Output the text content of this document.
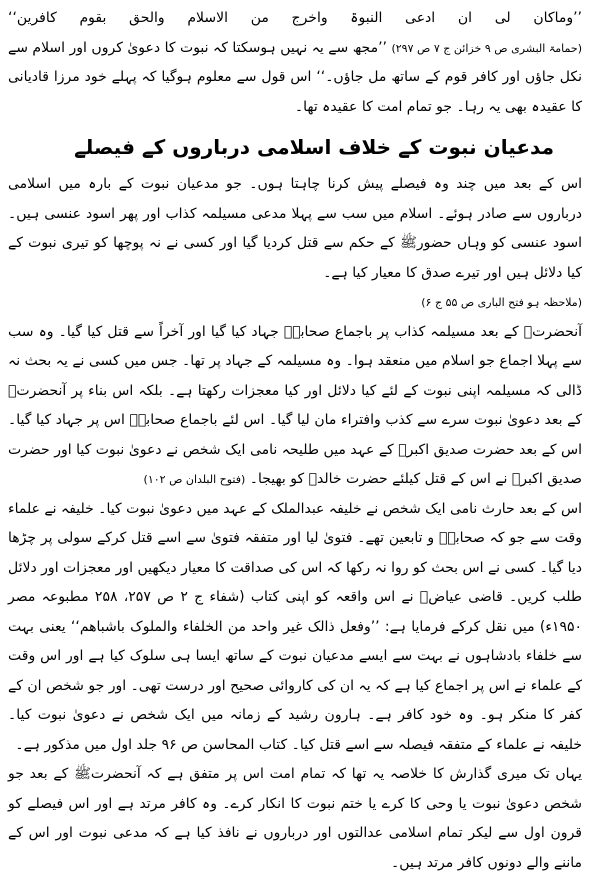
’’وماکان لی ان ادعی النبوۃ واخرج من الاسلام والحق بقوم کافرین‘‘ (حمامۃ البشری ص ۹ خزائن ج ۷ ص ۲۹۷) ’’مجھ سے یہ نہیں ہوسکتا کہ نبوت کا دعویٰ کروں اور اسلام سے نکل جاؤں اور کافر قوم کے ساتھ مل جاؤں۔‘‘ اس قول سے معلوم ہوگیا کہ پہلے خود مرزا قادیانی کا عقیدہ بھی یہ رہا۔ جو تمام امت کا عقیدہ تھا۔

مدعیان نبوت کے خلاف اسلامی درباروں کے فیصلے

اس کے بعد میں چند وہ فیصلے پیش کرنا چاہتا ہوں۔ جو مدعیان نبوت کے بارہ میں اسلامی درباروں سے صادر ہوئے۔ اسلام میں سب سے پہلا مدعی مسیلمہ کذاب اور پھر اسود عنسی ہیں۔ اسود عنسی کو وہاں حضورﷺ کے حکم سے قتل کردیا گیا اور کسی نے نہ پوچھا کو تیری نبوت کے کیا دلائل ہیں اور تیرے صدق کا معیار کیا ہے۔
(ملاحظہ ہو فتح الباری ص ۵۵ ج ۶)

آنحضرتﷺ کے بعد مسیلمہ کذاب پر باجماع صحابہؓ جہاد کیا گیا اور آخراً سے قتل کیا گیا۔ وہ سب سے پہلا اجماع جو اسلام میں منعقد ہوا۔ وہ مسیلمہ کے جہاد پر تھا۔ جس میں کسی نے یہ بحث نہ ڈالی کہ مسیلمہ اپنی نبوت کے لئے کیا دلائل اور کیا معجزات رکھتا ہے۔ بلکہ اس بناء پر آنحضرتﷺ کے بعد دعویٰ نبوت سرے سے کذب وافتراء مان لیا گیا۔ اس لئے باجماع صحابہؓ اس پر جہاد کیا گیا۔ اس کے بعد حضرت صدیق اکبرؓ کے عہد میں طلیحہ نامی ایک شخص نے دعویٰ نبوت کیا اور حضرت صدیق اکبرؓ نے اس کے قتل کیلئے حضرت خالدؓ کو بھیجا۔ (فتوح البلدان ص ۱۰۲)

اس کے بعد حارث نامی ایک شخص نے خلیفہ عبدالملک کے عہد میں دعویٰ نبوت کیا۔ خلیفہ نے علماء وقت سے جو کہ صحابہؓ و تابعین تھے۔ فتویٰ لیا اور متفقہ فتویٰ سے اسے قتل کرکے سولی پر چڑھا دیا گیا۔ کسی نے اس بحث کو روا نہ رکھا کہ اس کی صداقت کا معیار دیکھیں اور معجزات اور دلائل طلب کریں۔ قاضی عیاضؒ نے اس واقعہ کو اپنی کتاب (شفاء ج ۲ ص ۲۵۷، ۲۵۸ مطبوعہ مصر ۱۹۵۰ء) میں نقل کرکے فرمایا ہے: ’’وفعل ذالک غیر واحد من الخلفاء والملوک باشباھم‘‘ یعنی بہت سے خلفاء بادشاہوں نے بہت سے ایسے مدعیان نبوت کے ساتھ ایسا ہی سلوک کیا ہے اور اس وقت کے علماء نے اس پر اجماع کیا ہے کہ یہ ان کی کاروائی صحیح اور درست تھی۔ اور جو شخص ان کے کفر کا منکر ہو۔ وہ خود کافر ہے۔ ہارون رشید کے زمانہ میں ایک شخص نے دعویٰ نبوت کیا۔ خلیفہ نے علماء کے متفقہ فیصلہ سے اسے قتل کیا۔ کتاب المحاسن ص ۹۶ جلد اول میں مذکور ہے۔

یہاں تک میری گذارش کا خلاصہ یہ تھا کہ تمام امت اس پر متفق ہے کہ آنحضرتﷺ کے بعد جو شخص دعویٰ نبوت یا وحی کا کرے یا ختم نبوت کا انکار کرے۔ وہ کافر مرتد ہے اور اس فیصلے کو قرون اول سے لیکر تمام اسلامی عدالتوں اور درباروں نے نافذ کیا ہے کہ مدعی نبوت اور اس کے ماننے والے دونوں کافر مرتد ہیں۔
